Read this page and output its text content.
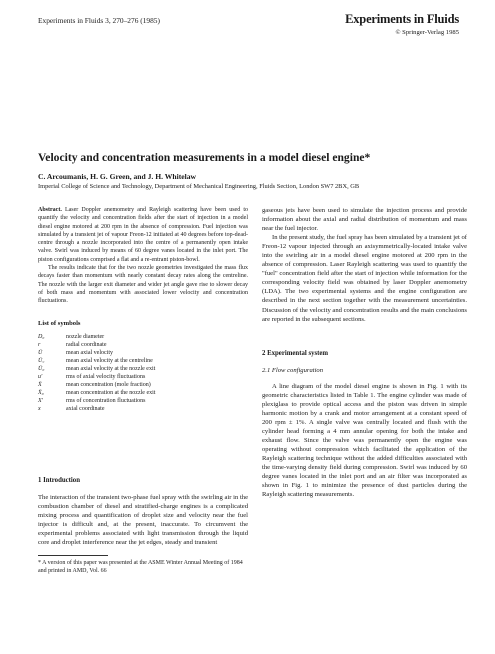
Experiments in Fluids 3, 270–276 (1985)	Experiments in Fluids
© Springer-Verlag 1985
Velocity and concentration measurements in a model diesel engine*
C. Arcoumanis, H. G. Green, and J. H. Whitelaw
Imperial College of Science and Technology, Department of Mechanical Engineering, Fluids Section, London SW7 2BX, GB

Abstract. Laser Doppler anemometry and Rayleigh scattering have been used to quantify the velocity and concentration fields after the start of injection in a model diesel engine motored at 200 rpm in the absence of compression. Fuel injection was simulated by a transient jet of vapour Freon-12 initiated at 40 degrees before top-dead-centre through a nozzle incorporated into the centre of a permanently open intake valve. Swirl was induced by means of 60 degree vanes located in the inlet port. The piston configurations comprised a flat and a re-entrant piston-bowl.

The results indicate that for the two nozzle geometries investigated the mass flux decays faster than momentum with nearly constant decay rates along the centreline. The nozzle with the larger exit diameter and wider jet angle gave rise to slower decay of both mass and momentum with associated lower velocity and concentration fluctuations.

List of symbols
D₀	nozzle diameter
r	radial coordinate
Ū	mean axial velocity
Ū꜀	mean axial velocity at the centreline
Ū₀	mean axial velocity at the nozzle exit
u′	rms of axial velocity fluctuations
X̄	mean concentration (mole fraction)
X̄₀	mean concentration at the nozzle exit
X′	rms of concentration fluctuations
x	axial coordinate
1 Introduction

The interaction of the transient two-phase fuel spray with the swirling air in the combustion chamber of diesel and stratified-charge engines is a complicated mixing process and quantification of droplet size and velocity near the fuel injector is difficult and, at the present, inaccurate. To circumvent the experimental problems associated with light transmission through the liquid core and droplet interference near the jet edges, steady and transient

* A version of this paper was presented at the ASME Winter Annual Meeting of 1984 and printed in AMD, Vol. 66

gaseous jets have been used to simulate the injection process and provide information about the axial and radial distribution of momentum and mass near the fuel injector.

In the present study, the fuel spray has been simulated by a transient jet of Freon-12 vapour injected through an axisymmetrically-located intake valve into the swirling air in a model diesel engine motored at 200 rpm in the absence of compression. Laser Rayleigh scattering was used to quantify the "fuel" concentration field after the start of injection while information for the corresponding velocity field was obtained by laser Doppler anemometry (LDA). The two experimental systems and the engine configuration are described in the next section together with the measurement uncertainties. Discussion of the velocity and concentration results and the main conclusions are reported in the subsequent sections.

2 Experimental system
2.1 Flow configuration

A line diagram of the model diesel engine is shown in Fig. 1 with its geometric characteristics listed in Table 1. The engine cylinder was made of plexiglass to provide optical access and the piston was driven in simple harmonic motion by a crank and motor arrangement at a constant speed of 200 rpm ± 1%. A single valve was centrally located and flush with the cylinder head forming a 4 mm annular opening for both the intake and exhaust flow. Since the valve was permanently open the engine was operating without compression which facilitated the application of the Rayleigh scattering technique without the added difficulties associated with the time-varying density field during compression. Swirl was induced by 60 degree vanes located in the inlet port and an air filter was incorporated as shown in Fig. 1 to minimize the presence of dust particles during the Rayleigh scattering measurements.
